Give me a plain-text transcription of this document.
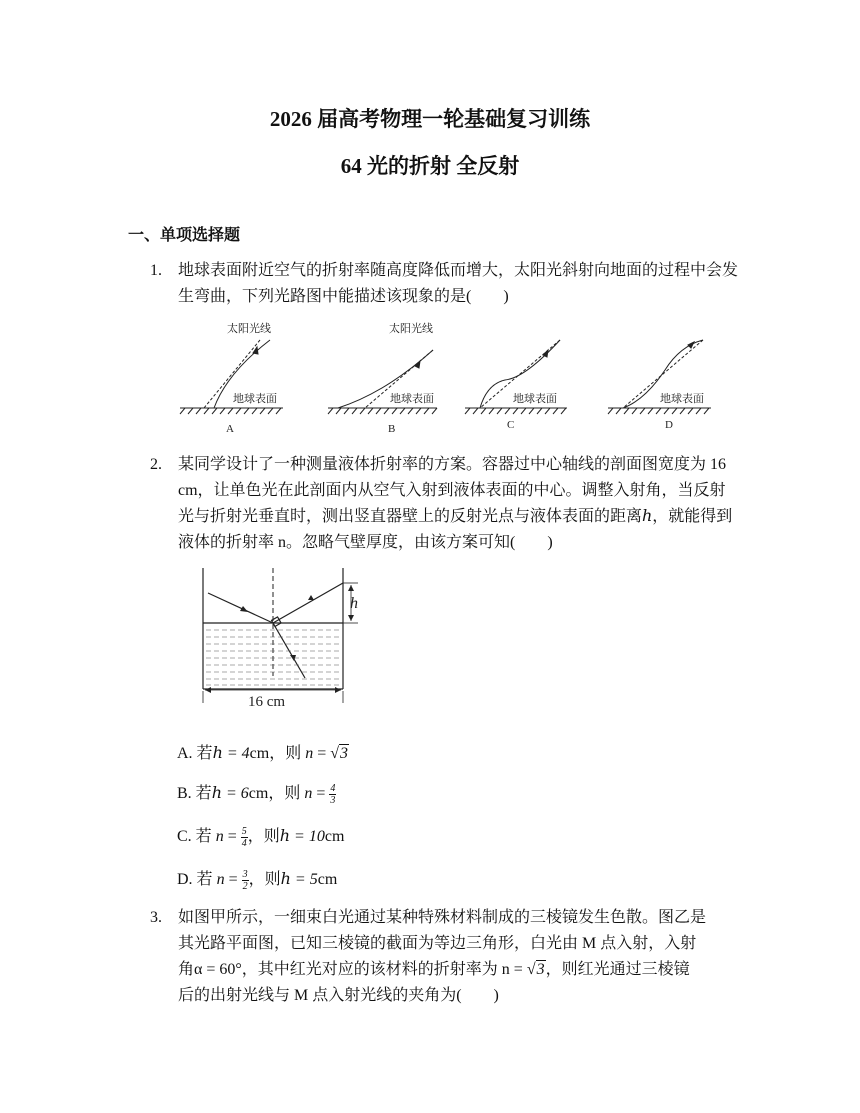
2026 届高考物理一轮基础复习训练
64 光的折射 全反射
一、单项选择题
1. 地球表面附近空气的折射率随高度降低而增大，太阳光斜射向地面的过程中会发生弯曲，下列光路图中能描述该现象的是(　　)
太阳光线	太阳光线
地球表面	地球表面	地球表面	地球表面
A	B	C	D
2. 某同学设计了一种测量液体折射率的方案。容器过中心轴线的剖面图宽度为 16 cm，让单色光在此剖面内从空气入射到液体表面的中心。调整入射角，当反射光与折射光垂直时，测出竖直器壁上的反射光点与液体表面的距离ℎ，就能得到液体的折射率 n。忽略气壁厚度，由该方案可知(　　)
h
16 cm
A. 若ℎ = 4cm，则 n = √3
B. 若ℎ = 6cm，则 $n = \frac{4}{3}$
C. 若 $n = \frac{5}{4}$ ，则ℎ = 10cm
D. 若 $n = \frac{3}{2}$ ，则ℎ = 5cm
3. 如图甲所示，一细束白光通过某种特殊材料制成的三棱镜发生色散。图乙是
其光路平面图，已知三棱镜的截面为等边三角形，白光由 M 点入射，入射
角α = 60°，其中红光对应的该材料的折射率为 n = √3，则红光通过三棱镜
后的出射光线与 M 点入射光线的夹角为(　　)
